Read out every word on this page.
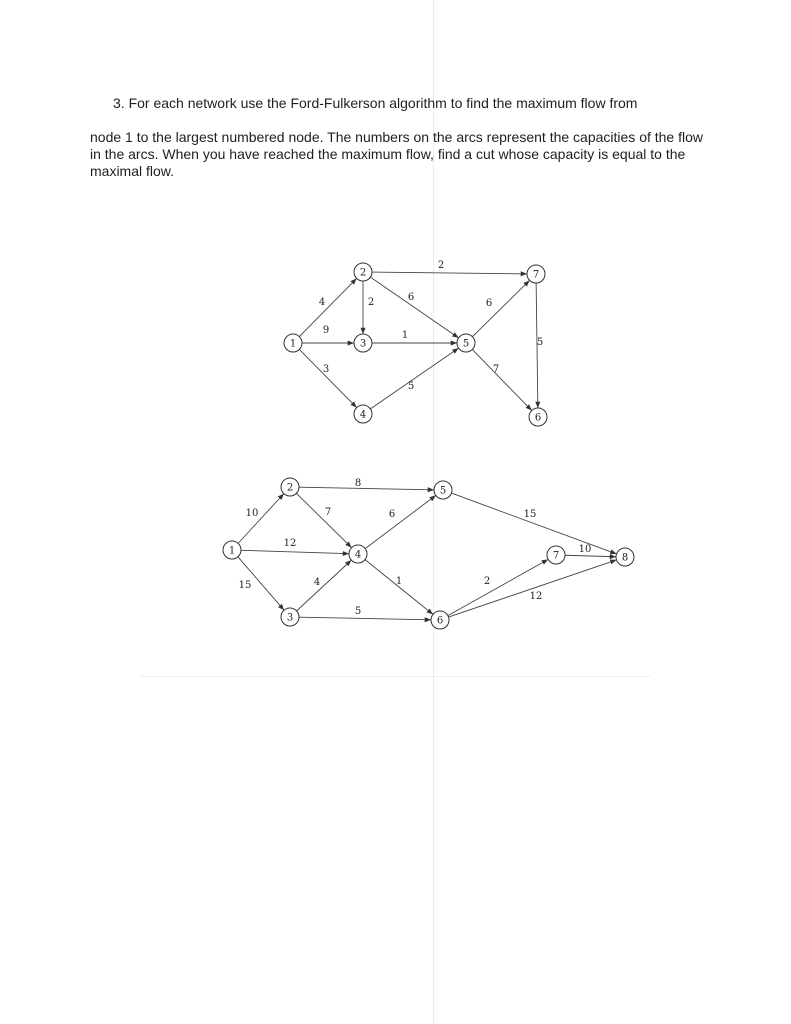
3. For each network use the Ford-Fulkerson algorithm to find the maximum flow from
node 1 to the largest numbered node. The numbers on the arcs represent the capacities of the flow in the arcs. When you have reached the maximum flow, find a cut whose capacity is equal to the maximal flow.
4
9
3
2
2
6
1
5
6
7
5
1
2
3
4
5
6
7
10
12
15
8
7
4
5
6
1
15
2
12
10
1
2
3
4
5
6
7	8
